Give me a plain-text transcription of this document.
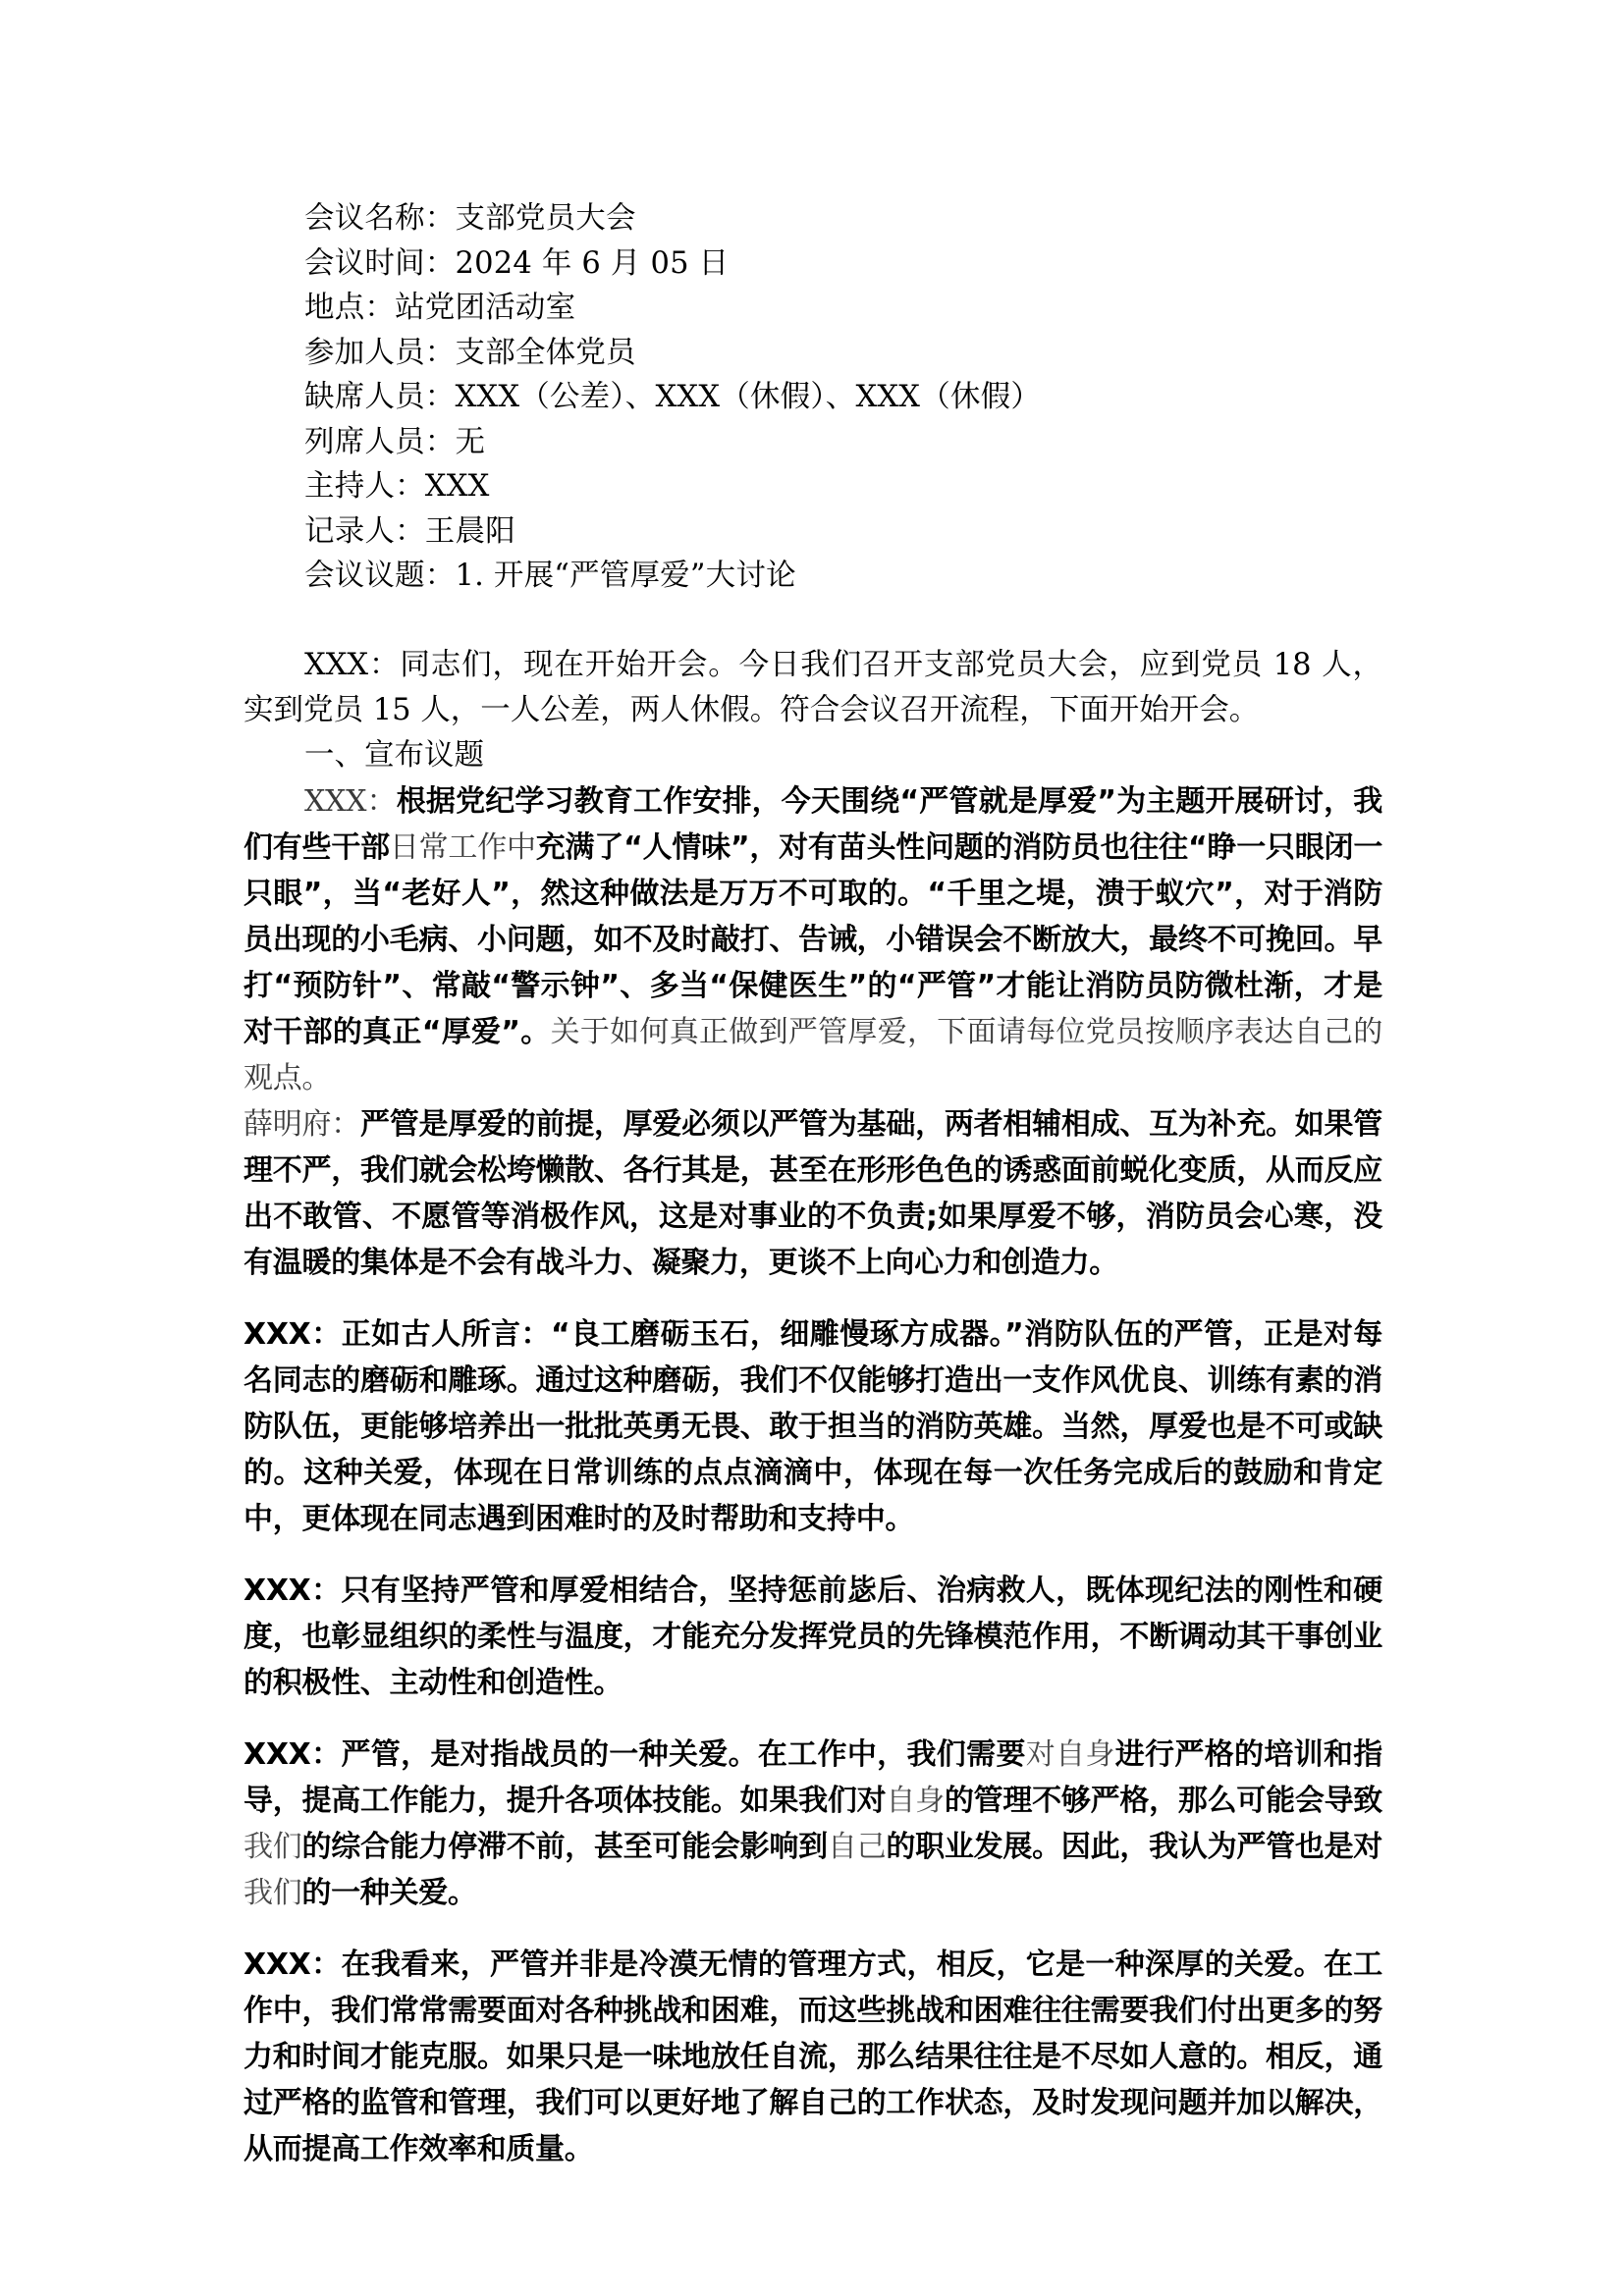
会议名称：支部党员大会
会议时间：2024 年 6 月 05 日
地点：站党团活动室
参加人员：支部全体党员
缺席人员：XXX（公差）、XXX（休假）、XXX（休假）
列席人员：无
主持人：XXX
记录人：王晨阳
会议议题：1. 开展“严管厚爱”大讨论

XXX：同志们，现在开始开会。今日我们召开支部党员大会，应到党员 18 人，实到党员 15 人，一人公差，两人休假。符合会议召开流程，下面开始开会。

一、宣布议题

XXX：根据党纪学习教育工作安排，今天围绕“严管就是厚爱”为主题开展研讨，我们有些干部日常工作中充满了“人情味”，对有苗头性问题的消防员也往往“睁一只眼闭一只眼”，当“老好人”，然这种做法是万万不可取的。“千里之堤，溃于蚁穴”，对于消防员出现的小毛病、小问题，如不及时敲打、告诫，小错误会不断放大，最终不可挽回。早打“预防针”、常敲“警示钟”、多当“保健医生”的“严管”才能让消防员防微杜渐，才是对干部的真正“厚爱”。关于如何真正做到严管厚爱，下面请每位党员按顺序表达自己的观点。

薛明府：严管是厚爱的前提，厚爱必须以严管为基础，两者相辅相成、互为补充。如果管理不严，我们就会松垮懒散、各行其是，甚至在形形色色的诱惑面前蜕化变质，从而反应出不敢管、不愿管等消极作风，这是对事业的不负责;如果厚爱不够，消防员会心寒，没有温暖的集体是不会有战斗力、凝聚力，更谈不上向心力和创造力。

XXX：正如古人所言：“良工磨砺玉石，细雕慢琢方成器。”消防队伍的严管，正是对每名同志的磨砺和雕琢。通过这种磨砺，我们不仅能够打造出一支作风优良、训练有素的消防队伍，更能够培养出一批批英勇无畏、敢于担当的消防英雄。当然，厚爱也是不可或缺的。这种关爱，体现在日常训练的点点滴滴中，体现在每一次任务完成后的鼓励和肯定中，更体现在同志遇到困难时的及时帮助和支持中。

XXX：只有坚持严管和厚爱相结合，坚持惩前毖后、治病救人，既体现纪法的刚性和硬度，也彰显组织的柔性与温度，才能充分发挥党员的先锋模范作用，不断调动其干事创业的积极性、主动性和创造性。

XXX：严管，是对指战员的一种关爱。在工作中，我们需要对自身进行严格的培训和指导，提高工作能力，提升各项体技能。如果我们对自身的管理不够严格，那么可能会导致我们的综合能力停滞不前，甚至可能会影响到自己的职业发展。因此，我认为严管也是对我们的一种关爱。

XXX：在我看来，严管并非是冷漠无情的管理方式，相反，它是一种深厚的关爱。在工作中，我们常常需要面对各种挑战和困难，而这些挑战和困难往往需要我们付出更多的努力和时间才能克服。如果只是一味地放任自流，那么结果往往是不尽如人意的。相反，通过严格的监管和管理，我们可以更好地了解自己的工作状态，及时发现问题并加以解决，从而提高工作效率和质量。
